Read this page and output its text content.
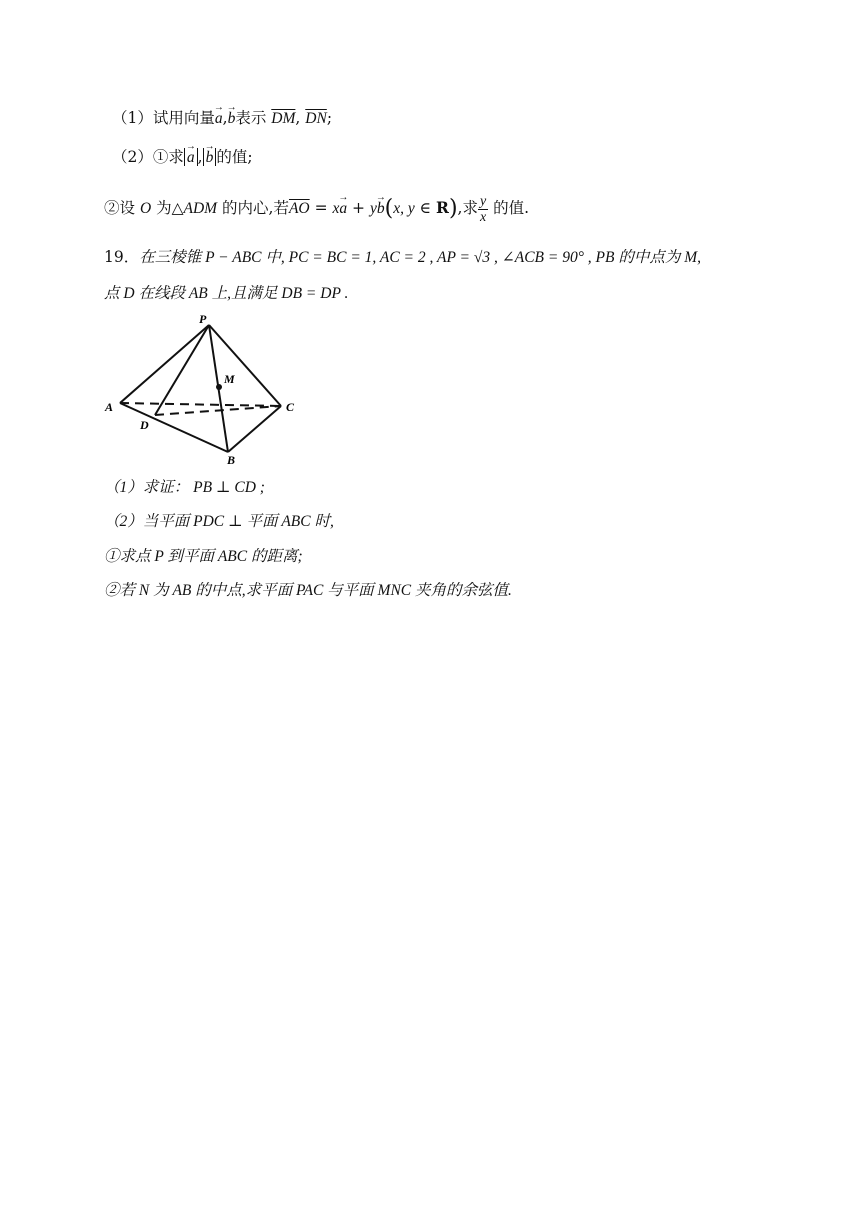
（1）试用向量→ a,→ b表示 $\overline{DM}$, $\overline{DN}$;
（2）①求 → a , → b 的值;
②设 O 为△ADM 的内心,若$\overline{AO} = x\to a + y\to b(x$, y ∈ R),求 $\frac{y}{x}$ 的值.
19．在三棱锥 P − ABC 中, PC = BC = 1, AC = 2 , AP = √3 , ∠ACB = 90° , PB 的中点为 M,
点 D 在线段 AB 上,且满足 DB = DP .
P
M
A	C
D
B
（1）求证： PB ⊥ CD ;
（2）当平面 PDC ⊥ 平面 ABC 时,
①求点 P 到平面 ABC 的距离;
②若 N 为 AB 的中点,求平面 PAC 与平面 MNC 夹角的余弦值.
